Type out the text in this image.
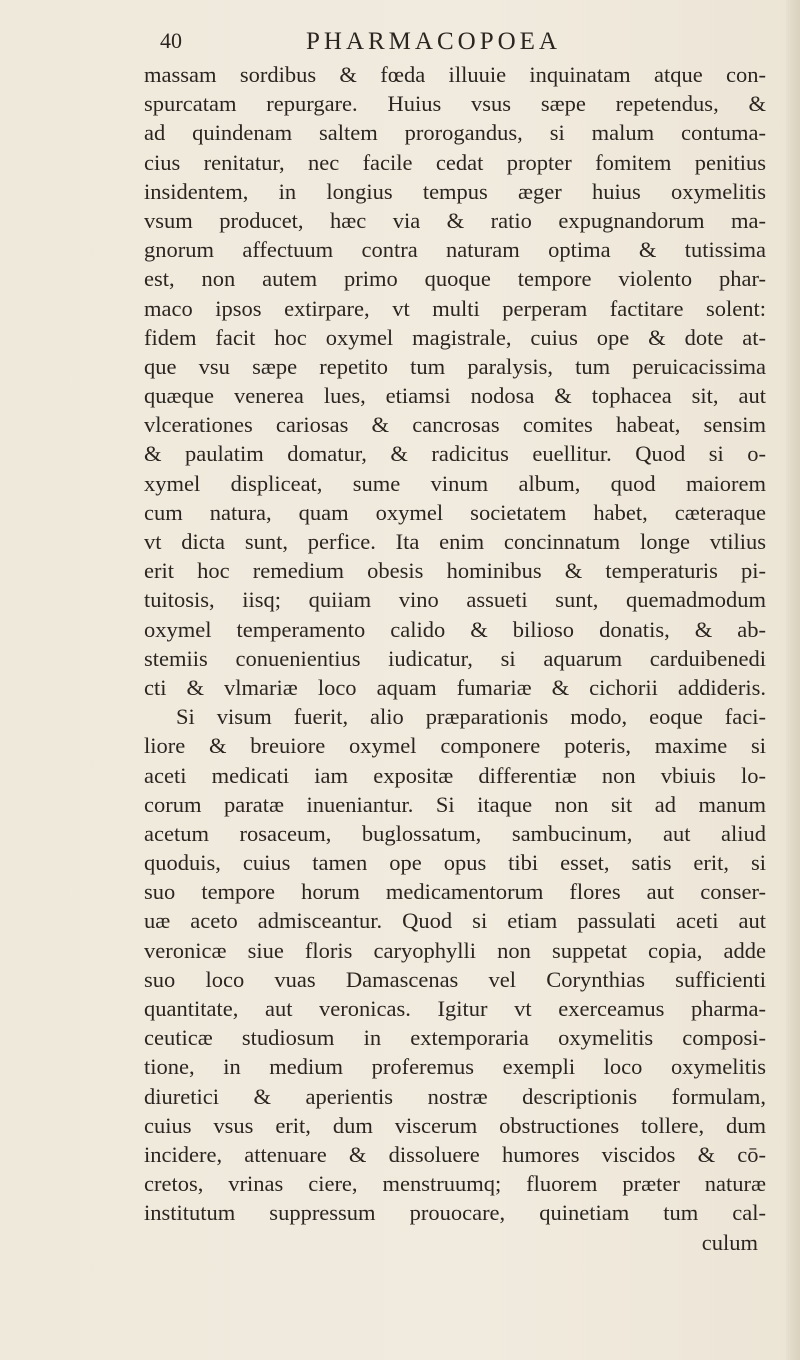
40	PHARMACOPOEA
massam sordibus & fœda illuuie inquinatam atque con-
spurcatam repurgare. Huius vsus sæpe repetendus, &
ad quindenam saltem prorogandus, si malum contuma-
cius renitatur, nec facile cedat propter fomitem penitius
insidentem, in longius tempus æger huius oxymelitis
vsum producet, hæc via & ratio expugnandorum ma-
gnorum affectuum contra naturam optima & tutissima
est, non autem primo quoque tempore violento phar-
maco ipsos extirpare, vt multi perperam factitare solent:
fidem facit hoc oxymel magistrale, cuius ope & dote at-
que vsu sæpe repetito tum paralysis, tum peruicacissima
quæque venerea lues, etiamsi nodosa & tophacea sit, aut
vlcerationes cariosas & cancrosas comites habeat, sensim
& paulatim domatur, & radicitus euellitur. Quod si o-
xymel displiceat, sume vinum album, quod maiorem
cum natura, quam oxymel societatem habet, cæteraque
vt dicta sunt, perfice. Ita enim concinnatum longe vtilius
erit hoc remedium obesis hominibus & temperaturis pi-
tuitosis, iisq; quiiam vino assueti sunt, quemadmodum
oxymel temperamento calido & bilioso donatis, & ab-
stemiis conuenientius iudicatur, si aquarum carduibenedi
cti & vlmariæ loco aquam fumariæ & cichorii addideris.
Si visum fuerit, alio præparationis modo, eoque faci-
liore & breuiore oxymel componere poteris, maxime si
aceti medicati iam expositæ differentiæ non vbiuis lo-
corum paratæ inueniantur. Si itaque non sit ad manum
acetum rosaceum, buglossatum, sambucinum, aut aliud
quoduis, cuius tamen ope opus tibi esset, satis erit, si
suo tempore horum medicamentorum flores aut conser-
uæ aceto admisceantur. Quod si etiam passulati aceti aut
veronicæ siue floris caryophylli non suppetat copia, adde
suo loco vuas Damascenas vel Corynthias sufficienti
quantitate, aut veronicas. Igitur vt exerceamus pharma-
ceuticæ studiosum in extemporaria oxymelitis composi-
tione, in medium proferemus exempli loco oxymelitis
diuretici & aperientis nostræ descriptionis formulam,
cuius vsus erit, dum viscerum obstructiones tollere, dum
incidere, attenuare & dissoluere humores viscidos & cō-
cretos, vrinas ciere, menstruumq; fluorem præter naturæ
institutum suppressum prouocare, quinetiam tum cal-
culum
